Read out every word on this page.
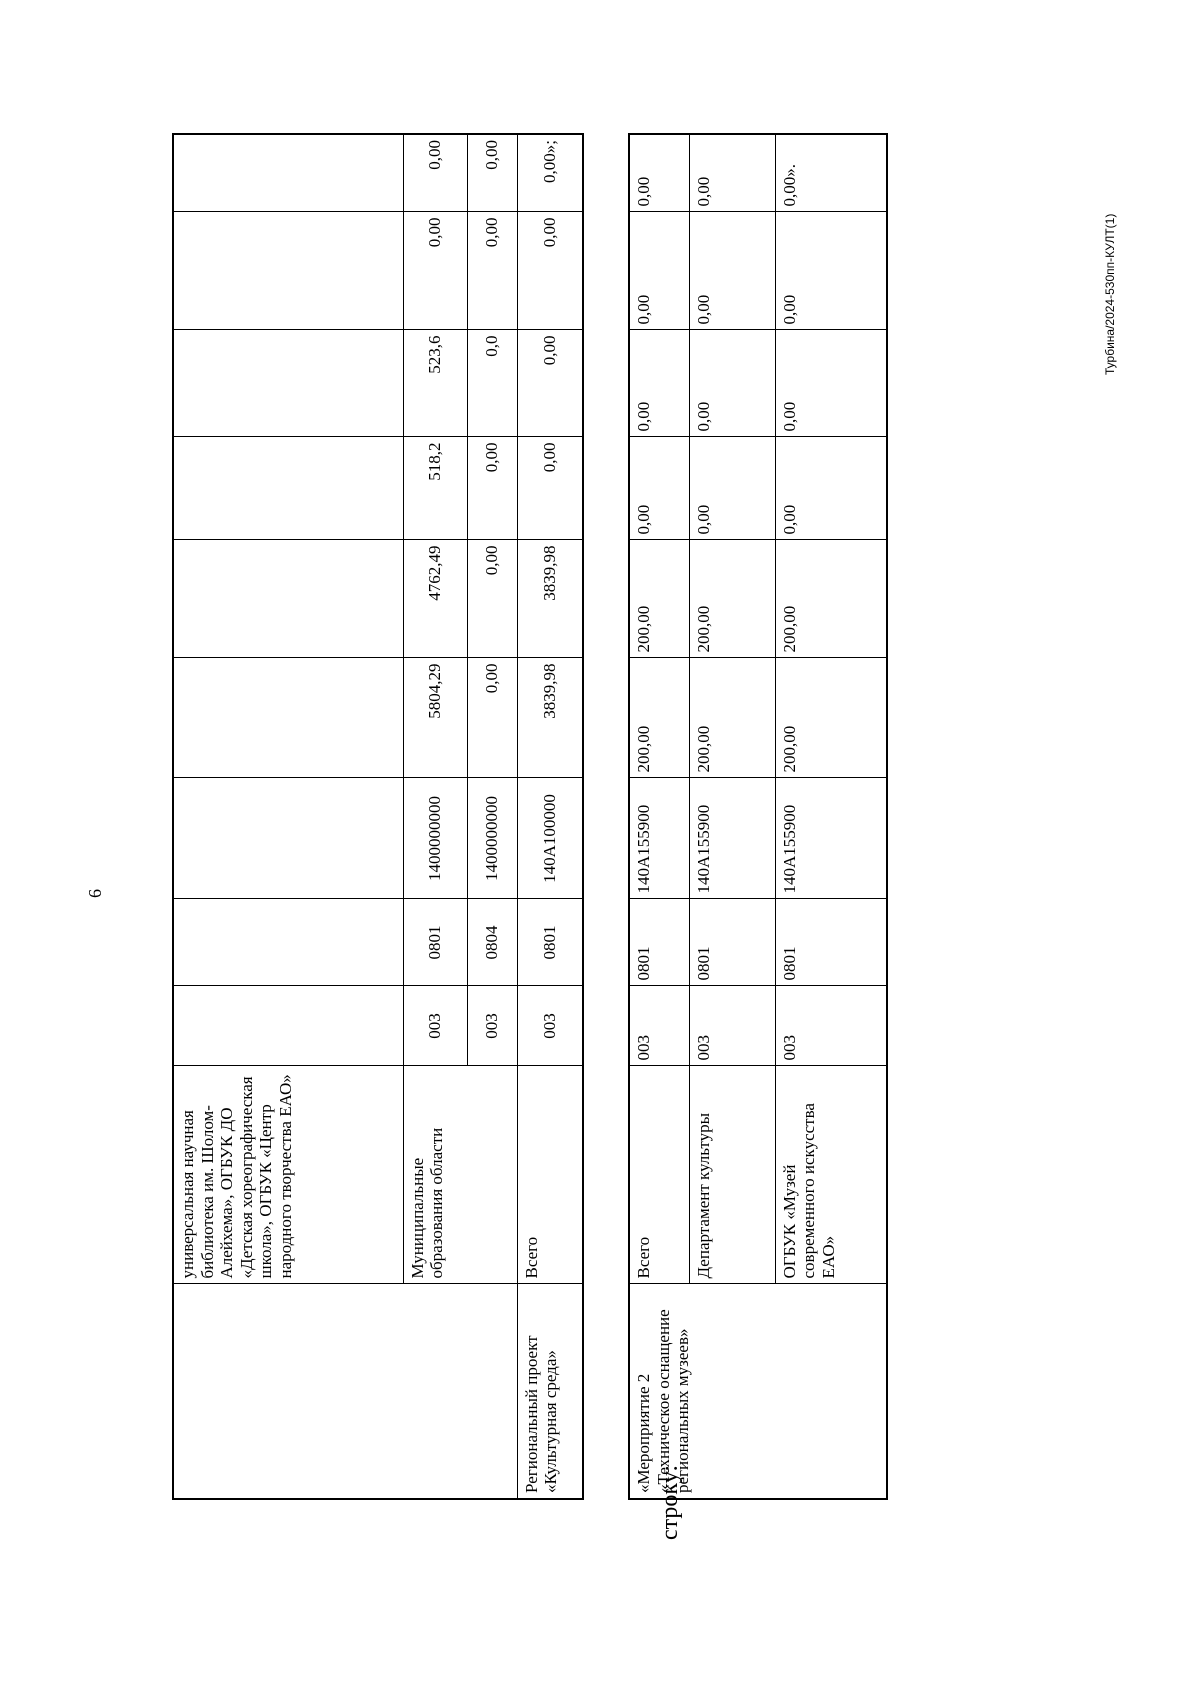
6
Турбина/2024-530пп-КУЛТ(1)
	универсальная научная библиотека им. Шолом-Алейхема», ОГБУК ДО «Детская хореографическая школа», ОГБУК «Центр народного творчества ЕАО»									
	Муниципальные образования области	003	0801	1400000000	5804,29	4762,49	518,2	523,6	0,00	0,00
		003	0804	1400000000	0,00	0,00	0,00	0,0	0,00	0,00
Региональный проект «Культурная среда»	Всего	003	0801	140А100000	3839,98	3839,98	0,00	0,00	0,00	0,00»;
строку:
«Мероприятие 2 «Техническое оснащение региональных музеев»	Всего	003	0801	140А155900	200,00	200,00	0,00	0,00	0,00	0,00
	Департамент культуры	003	0801	140А155900	200,00	200,00	0,00	0,00	0,00	0,00
	ОГБУК «Музей современного искусства ЕАО»	003	0801	140А155900	200,00	200,00	0,00	0,00	0,00	0,00».
